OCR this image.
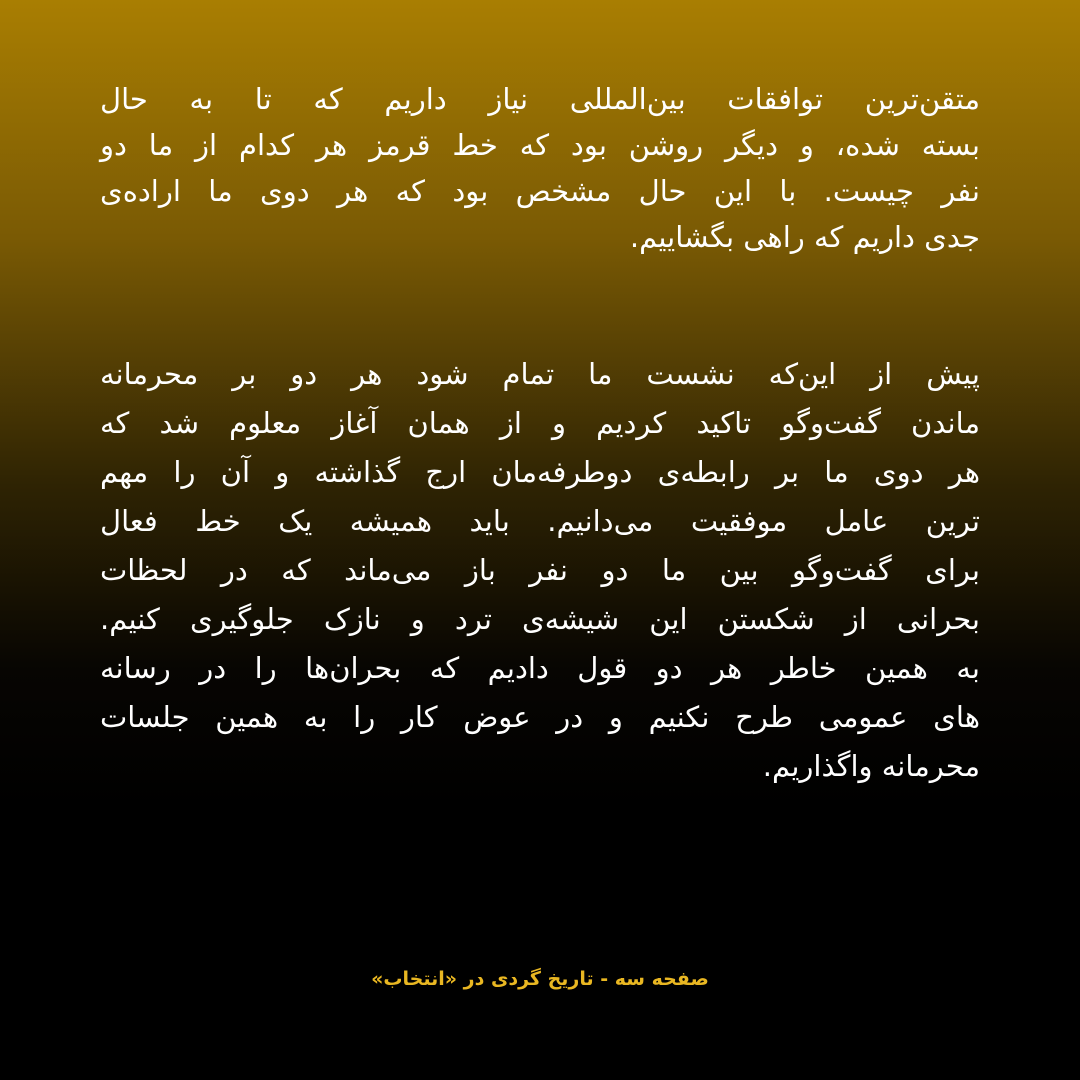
متقن‌ترین توافقات بین‌المللی نیاز داریم که تا به حال
بسته شده، و دیگر روشن بود که خط قرمز هر کدام از ما دو
نفر چیست. با این حال مشخص بود که هر دوی ما اراده‌ی
جدی داریم که راهی بگشاییم.
پیش از این‌که نشست ما تمام شود هر دو بر محرمانه
ماندن گفت‌وگو تاکید کردیم و از همان آغاز معلوم شد که
هر دوی ما بر رابطه‌ی دوطرفه‌مان ارج گذاشته و آن را مهم
ترین عامل موفقیت می‌دانیم. باید همیشه یک خط فعال
برای گفت‌وگو بین ما دو نفر باز می‌ماند که در لحظات
بحرانی از شکستن این شیشه‌ی ترد و نازک جلوگیری کنیم.
به همین خاطر هر دو قول دادیم که بحران‌ها را در رسانه
های عمومی طرح نکنیم و در عوض کار را به همین جلسات
محرمانه واگذاریم.
صفحه سه - تاریخ گردی در «انتخاب»
